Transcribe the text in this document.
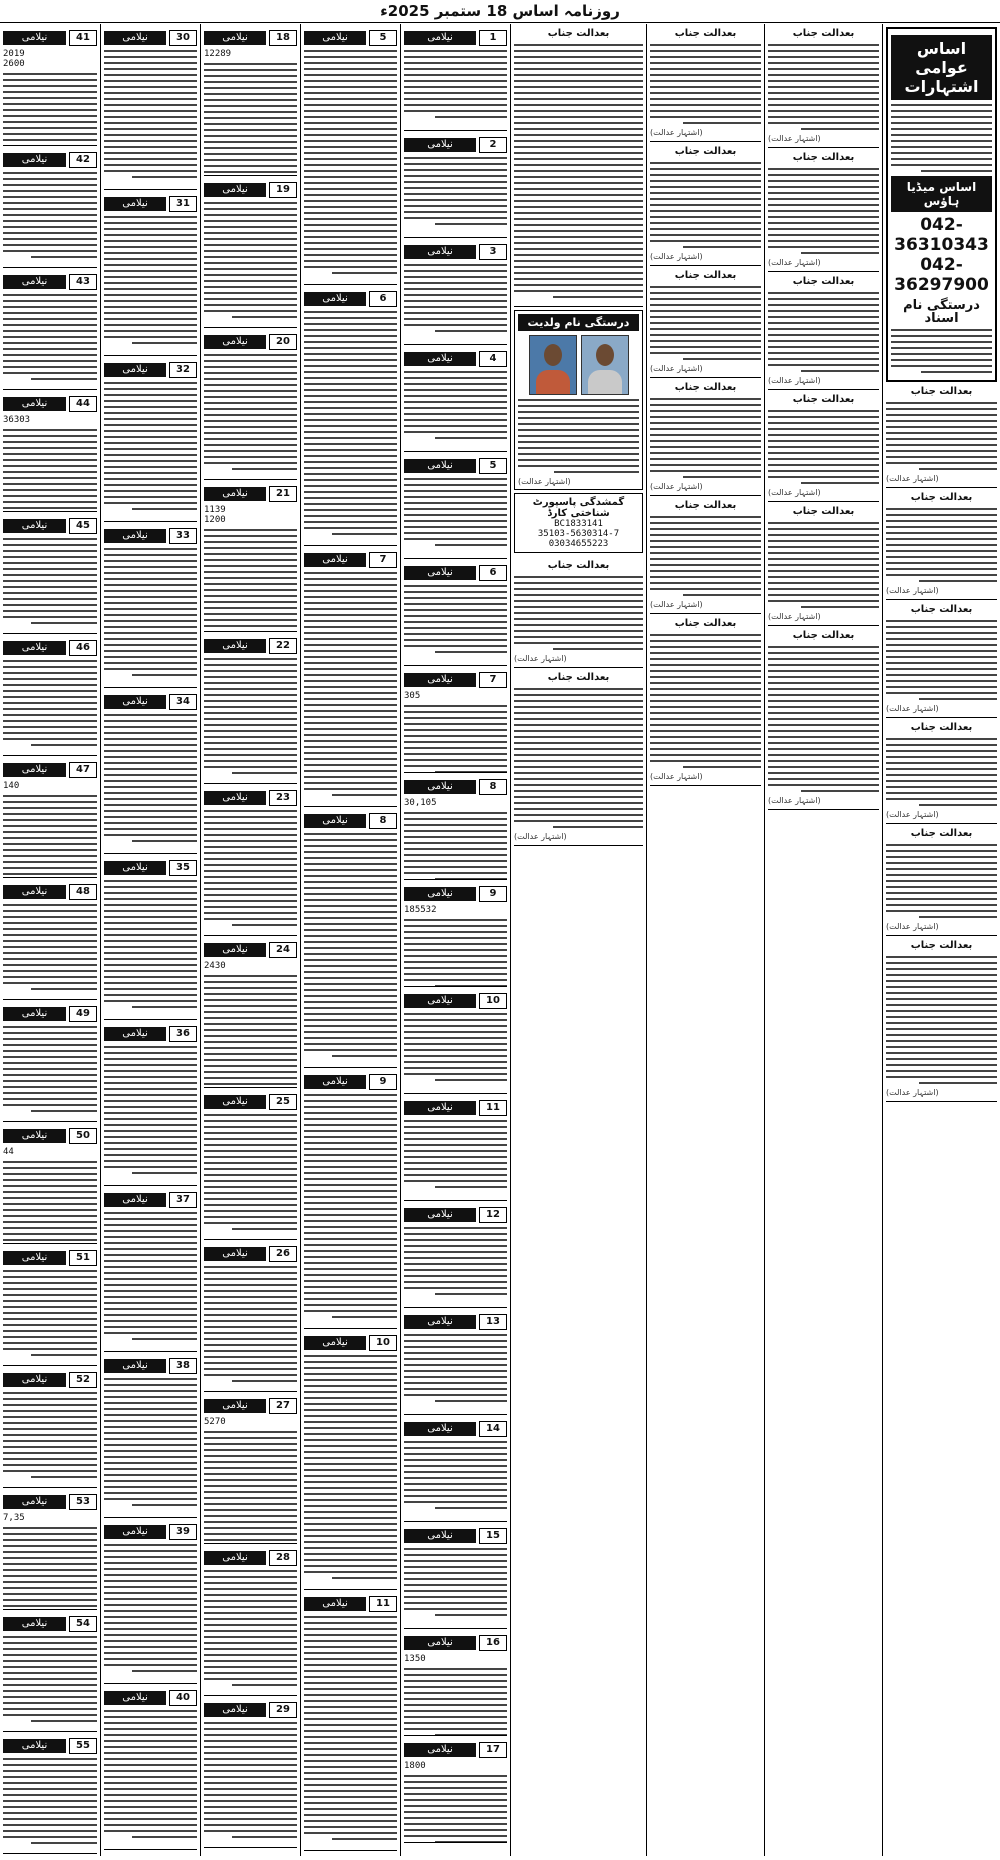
روزنامہ اساس 18 ستمبر 2025ء
اساس عوامی اشتہارات
اساس میڈیا ہاؤس
042-36310343
042-36297900
درستگی نام اسناد
بعدالت جناب
(اشتہار عدالت)
بعدالت جناب
(اشتہار عدالت)
بعدالت جناب
(اشتہار عدالت)
بعدالت جناب
(اشتہار عدالت)
بعدالت جناب
(اشتہار عدالت)
بعدالت جناب
(اشتہار عدالت)
بعدالت جناب
(اشتہار عدالت)
بعدالت جناب
(اشتہار عدالت)
بعدالت جناب
(اشتہار عدالت)
بعدالت جناب
(اشتہار عدالت)
بعدالت جناب
(اشتہار عدالت)
بعدالت جناب
(اشتہار عدالت)
بعدالت جناب
(اشتہار عدالت)
بعدالت جناب
(اشتہار عدالت)
بعدالت جناب
(اشتہار عدالت)
بعدالت جناب
(اشتہار عدالت)
بعدالت جناب
(اشتہار عدالت)
بعدالت جناب
(اشتہار عدالت)
بعدالت جناب
درستگی نام ولدیت
(اشتہار عدالت)
گمشدگی پاسپورٹ شناختی کارڈ
BC1833141
35103-5630314-7
03034655223
بعدالت جناب
(اشتہار عدالت)
بعدالت جناب
(اشتہار عدالت)
1
نیلامی
2
نیلامی
3
نیلامی
4
نیلامی
5
نیلامی
6
نیلامی
7
نیلامی
305
8
نیلامی
30,105
9
نیلامی
185532
10
نیلامی
11
نیلامی
12
نیلامی
13
نیلامی
14
نیلامی
15
نیلامی
16
نیلامی
1350
17
نیلامی
1800
5
نیلامی
6
نیلامی
7
نیلامی
8
نیلامی
9
نیلامی
10
نیلامی
11
نیلامی
18
نیلامی
12289
19
نیلامی
20
نیلامی
21
نیلامی
1139
1200
22
نیلامی
23
نیلامی
24
نیلامی
2430
25
نیلامی
26
نیلامی
27
نیلامی
5270
28
نیلامی
29
نیلامی
30
نیلامی
31
نیلامی
32
نیلامی
33
نیلامی
34
نیلامی
35
نیلامی
36
نیلامی
37
نیلامی
38
نیلامی
39
نیلامی
40
نیلامی
41
نیلامی
2019
2600
42
نیلامی
43
نیلامی
44
نیلامی
36303
45
نیلامی
46
نیلامی
47
نیلامی
140
48
نیلامی
49
نیلامی
50
نیلامی
44
51
نیلامی
52
نیلامی
53
نیلامی
7,35
54
نیلامی
55
نیلامی
